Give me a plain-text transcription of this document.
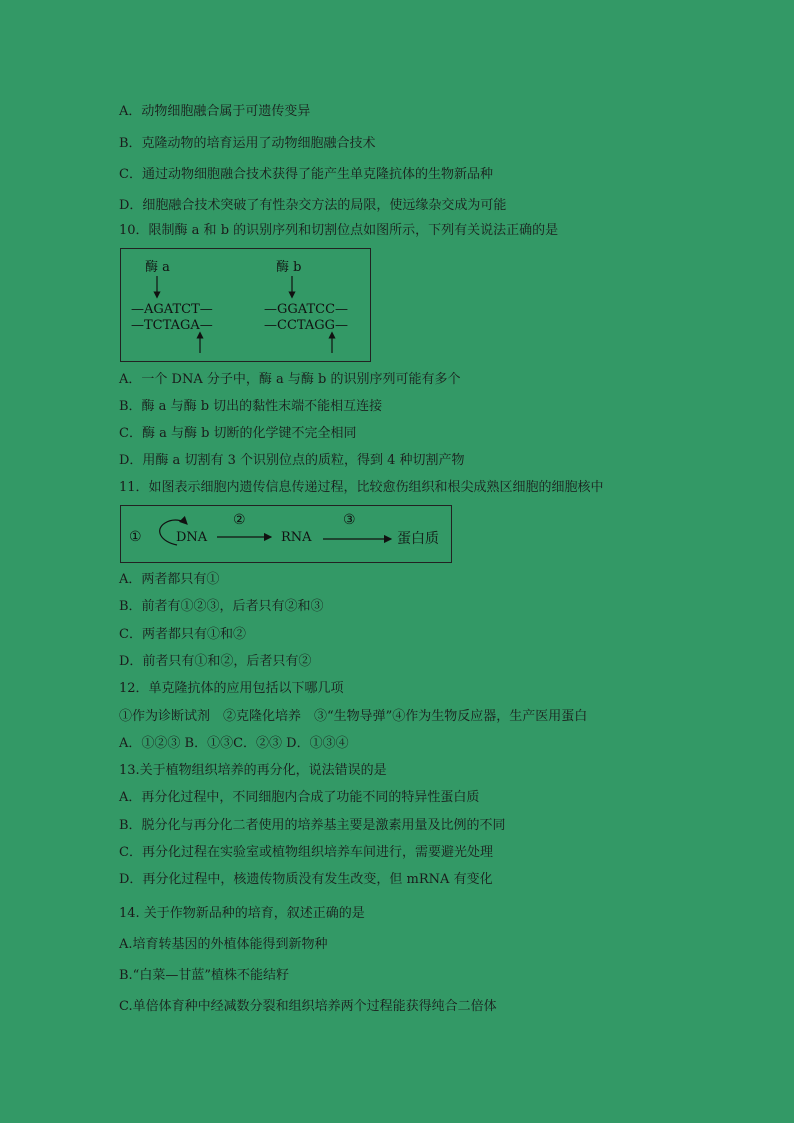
A．动物细胞融合属于可遗传变异
B．克隆动物的培育运用了动物细胞融合技术
C．通过动物细胞融合技术获得了能产生单克隆抗体的生物新品种
D．细胞融合技术突破了有性杂交方法的局限，使远缘杂交成为可能
10．限制酶 a 和 b 的识别序列和切割位点如图所示，下列有关说法正确的是
酶 a
—AGATCT—
—TCTAGA—
酶 b
—GGATCC—
—CCTAGG—
A．一个 DNA 分子中，酶 a 与酶 b 的识别序列可能有多个
B．酶 a 与酶 b 切出的黏性末端不能相互连接
C．酶 a 与酶 b 切断的化学键不完全相同
D．用酶 a 切割有 3 个识别位点的质粒，得到 4 种切割产物
11．如图表示细胞内遗传信息传递过程，比较愈伤组织和根尖成熟区细胞的细胞核中
①	DNA
②
RNA
③
蛋白质
A．两者都只有①
B．前者有①②③，后者只有②和③
C．两者都只有①和②
D．前者只有①和②，后者只有②
12．单克隆抗体的应用包括以下哪几项
①作为诊断试剂　②克隆化培养　③“生物导弹”④作为生物反应器，生产医用蛋白
A．①②③ B．①③C．②③ D．①③④
13.关于植物组织培养的再分化，说法错误的是
A．再分化过程中，不同细胞内合成了功能不同的特异性蛋白质
B．脱分化与再分化二者使用的培养基主要是激素用量及比例的不同
C．再分化过程在实验室或植物组织培养车间进行，需要避光处理
D．再分化过程中，核遗传物质没有发生改变，但 mRNA 有变化
14. 关于作物新品种的培育，叙述正确的是
A.培育转基因的外植体能得到新物种
B.“白菜—甘蓝”植株不能结籽
C.单倍体育种中经减数分裂和组织培养两个过程能获得纯合二倍体
